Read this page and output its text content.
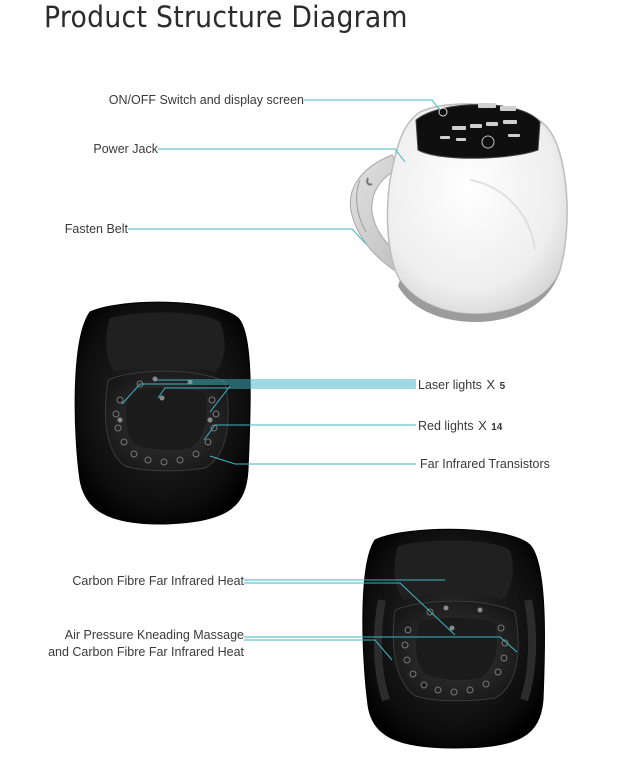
Product Structure Diagram
ON/OFF Switch and display screen
Power Jack
Fasten Belt
Laser lights X 5
Red lights X 14
Far Infrared Transistors
Carbon Fibre Far Infrared Heat
Air Pressure Kneading Massage
and Carbon Fibre Far Infrared Heat
